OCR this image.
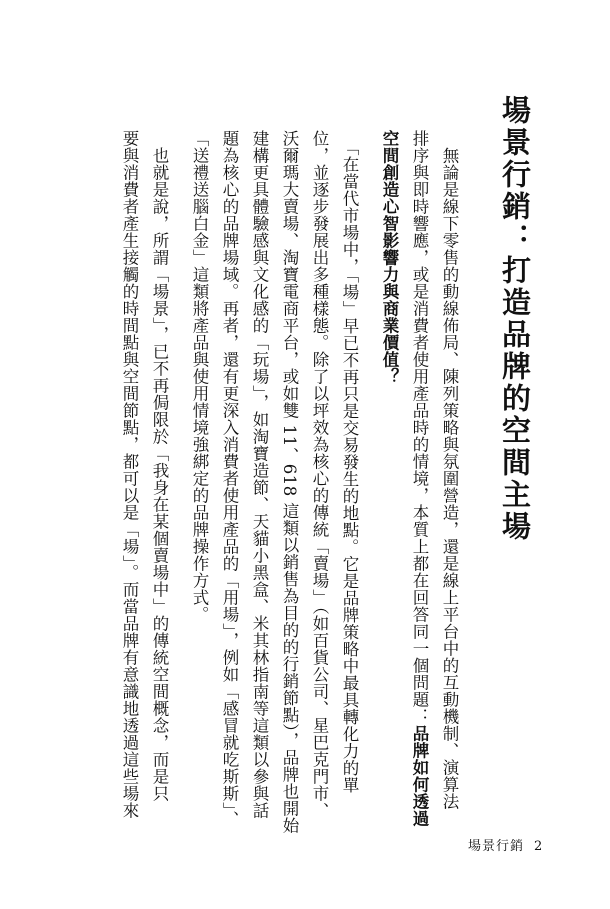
場景行銷：打造品牌的空間主場
　無論是線下零售的動線佈局、陳列策略與氛圍營造，還是線上平台中的互動機制、演算法
排序與即時響應，或是消費者使用產品時的情境，本質上都在回答同一個問題：品牌如何透過
空間創造心智影響力與商業價值？
　「在當代市場中，「場」早已不再只是交易發生的地點。它是品牌策略中最具轉化力的單
位，並逐步發展出多種樣態。除了以坪效為核心的傳統「賣場」（如百貨公司、星巴克門市、
沃爾瑪大賣場、淘寶電商平台，或如雙 11、618 這類以銷售為目的的行銷節點），品牌也開始
建構更具體驗感與文化感的「玩場」，如淘寶造節、天貓小黑盒、米其林指南等這類以參與話
題為核心的品牌場域。再者，還有更深入消費者使用產品的「用場」，例如「感冒就吃斯斯」、
「送禮送腦白金」這類將產品與使用情境強綁定的品牌操作方式。
　也就是說，所謂「場景」，已不再侷限於「我身在某個賣場中」的傳統空間概念，而是只
要與消費者產生接觸的時間點與空間節點，都可以是「場」。而當品牌有意識地透過這些場來
場景行銷 2
